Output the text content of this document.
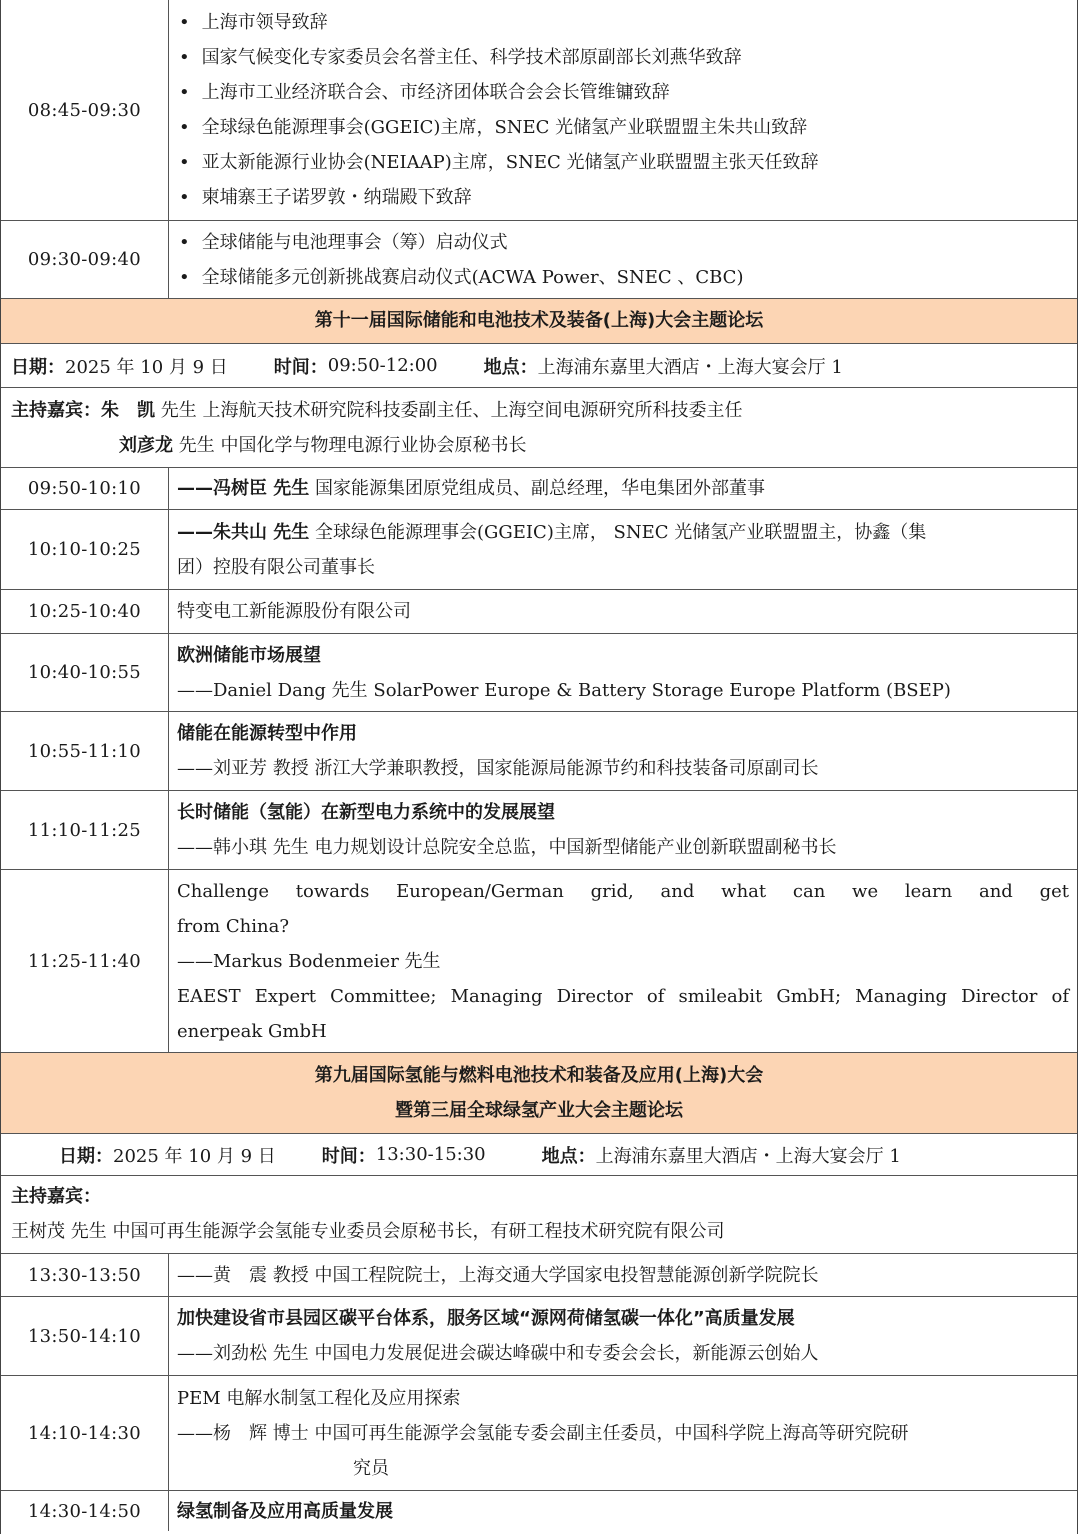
08:45-09:30
• 上海市领导致辞
• 国家气候变化专家委员会名誉主任、科学技术部原副部长刘燕华致辞
• 上海市工业经济联合会、市经济团体联合会会长管维镛致辞
• 全球绿色能源理事会(GGEIC)主席，SNEC 光储氢产业联盟盟主朱共山致辞
• 亚太新能源行业协会(NEIAAP)主席，SNEC 光储氢产业联盟盟主张天任致辞
• 柬埔寨王子诺罗敦・纳瑞殿下致辞
09:30-09:40
• 全球储能与电池理事会（筹）启动仪式
• 全球储能多元创新挑战赛启动仪式(ACWA Power、SNEC 、CBC)
第十一届国际储能和电池技术及装备(上海)大会主题论坛
日期： 2025 年 10 月 9 日	时间： 09:50-12:00	地点： 上海浦东嘉里大酒店・上海大宴会厅 1
主持嘉宾：朱　凯 先生 上海航天技术研究院科技委副主任、上海空间电源研究所科技委主任
刘彦龙 先生 中国化学与物理电源行业协会原秘书长
09:50-10:10	——冯树臣 先生 国家能源集团原党组成员、副总经理，华电集团外部董事
10:10-10:25
——朱共山 先生 全球绿色能源理事会(GGEIC)主席， SNEC 光储氢产业联盟盟主，协鑫（集
团）控股有限公司董事长
10:25-10:40	特变电工新能源股份有限公司
10:40-10:55
欧洲储能市场展望
——Daniel Dang 先生 SolarPower Europe & Battery Storage Europe Platform (BSEP)
10:55-11:10
储能在能源转型中作用
——刘亚芳 教授 浙江大学兼职教授，国家能源局能源节约和科技装备司原副司长
11:10-11:25
长时储能（氢能）在新型电力系统中的发展展望
——韩小琪 先生 电力规划设计总院安全总监，中国新型储能产业创新联盟副秘书长
11:25-11:40
Challenge towards European/German grid, and what can we learn and get
from China?
——Markus Bodenmeier 先生
EAEST Expert Committee; Managing Director of smileabit GmbH; Managing Director of
enerpeak GmbH
第九届国际氢能与燃料电池技术和装备及应用(上海)大会
暨第三届全球绿氢产业大会主题论坛
日期： 2025 年 10 月 9 日	时间： 13:30-15:30	地点： 上海浦东嘉里大酒店・上海大宴会厅 1
主持嘉宾：
王树茂 先生 中国可再生能源学会氢能专业委员会原秘书长，有研工程技术研究院有限公司
13:30-13:50	——黄　震 教授 中国工程院院士，上海交通大学国家电投智慧能源创新学院院长
13:50-14:10
加快建设省市县园区碳平台体系，服务区域“源网荷储氢碳一体化”高质量发展
——刘劲松 先生 中国电力发展促进会碳达峰碳中和专委会会长，新能源云创始人
14:10-14:30
PEM 电解水制氢工程化及应用探索
——杨　辉 博士 中国可再生能源学会氢能专委会副主任委员，中国科学院上海高等研究院研
究员
14:30-14:50	绿氢制备及应用高质量发展
